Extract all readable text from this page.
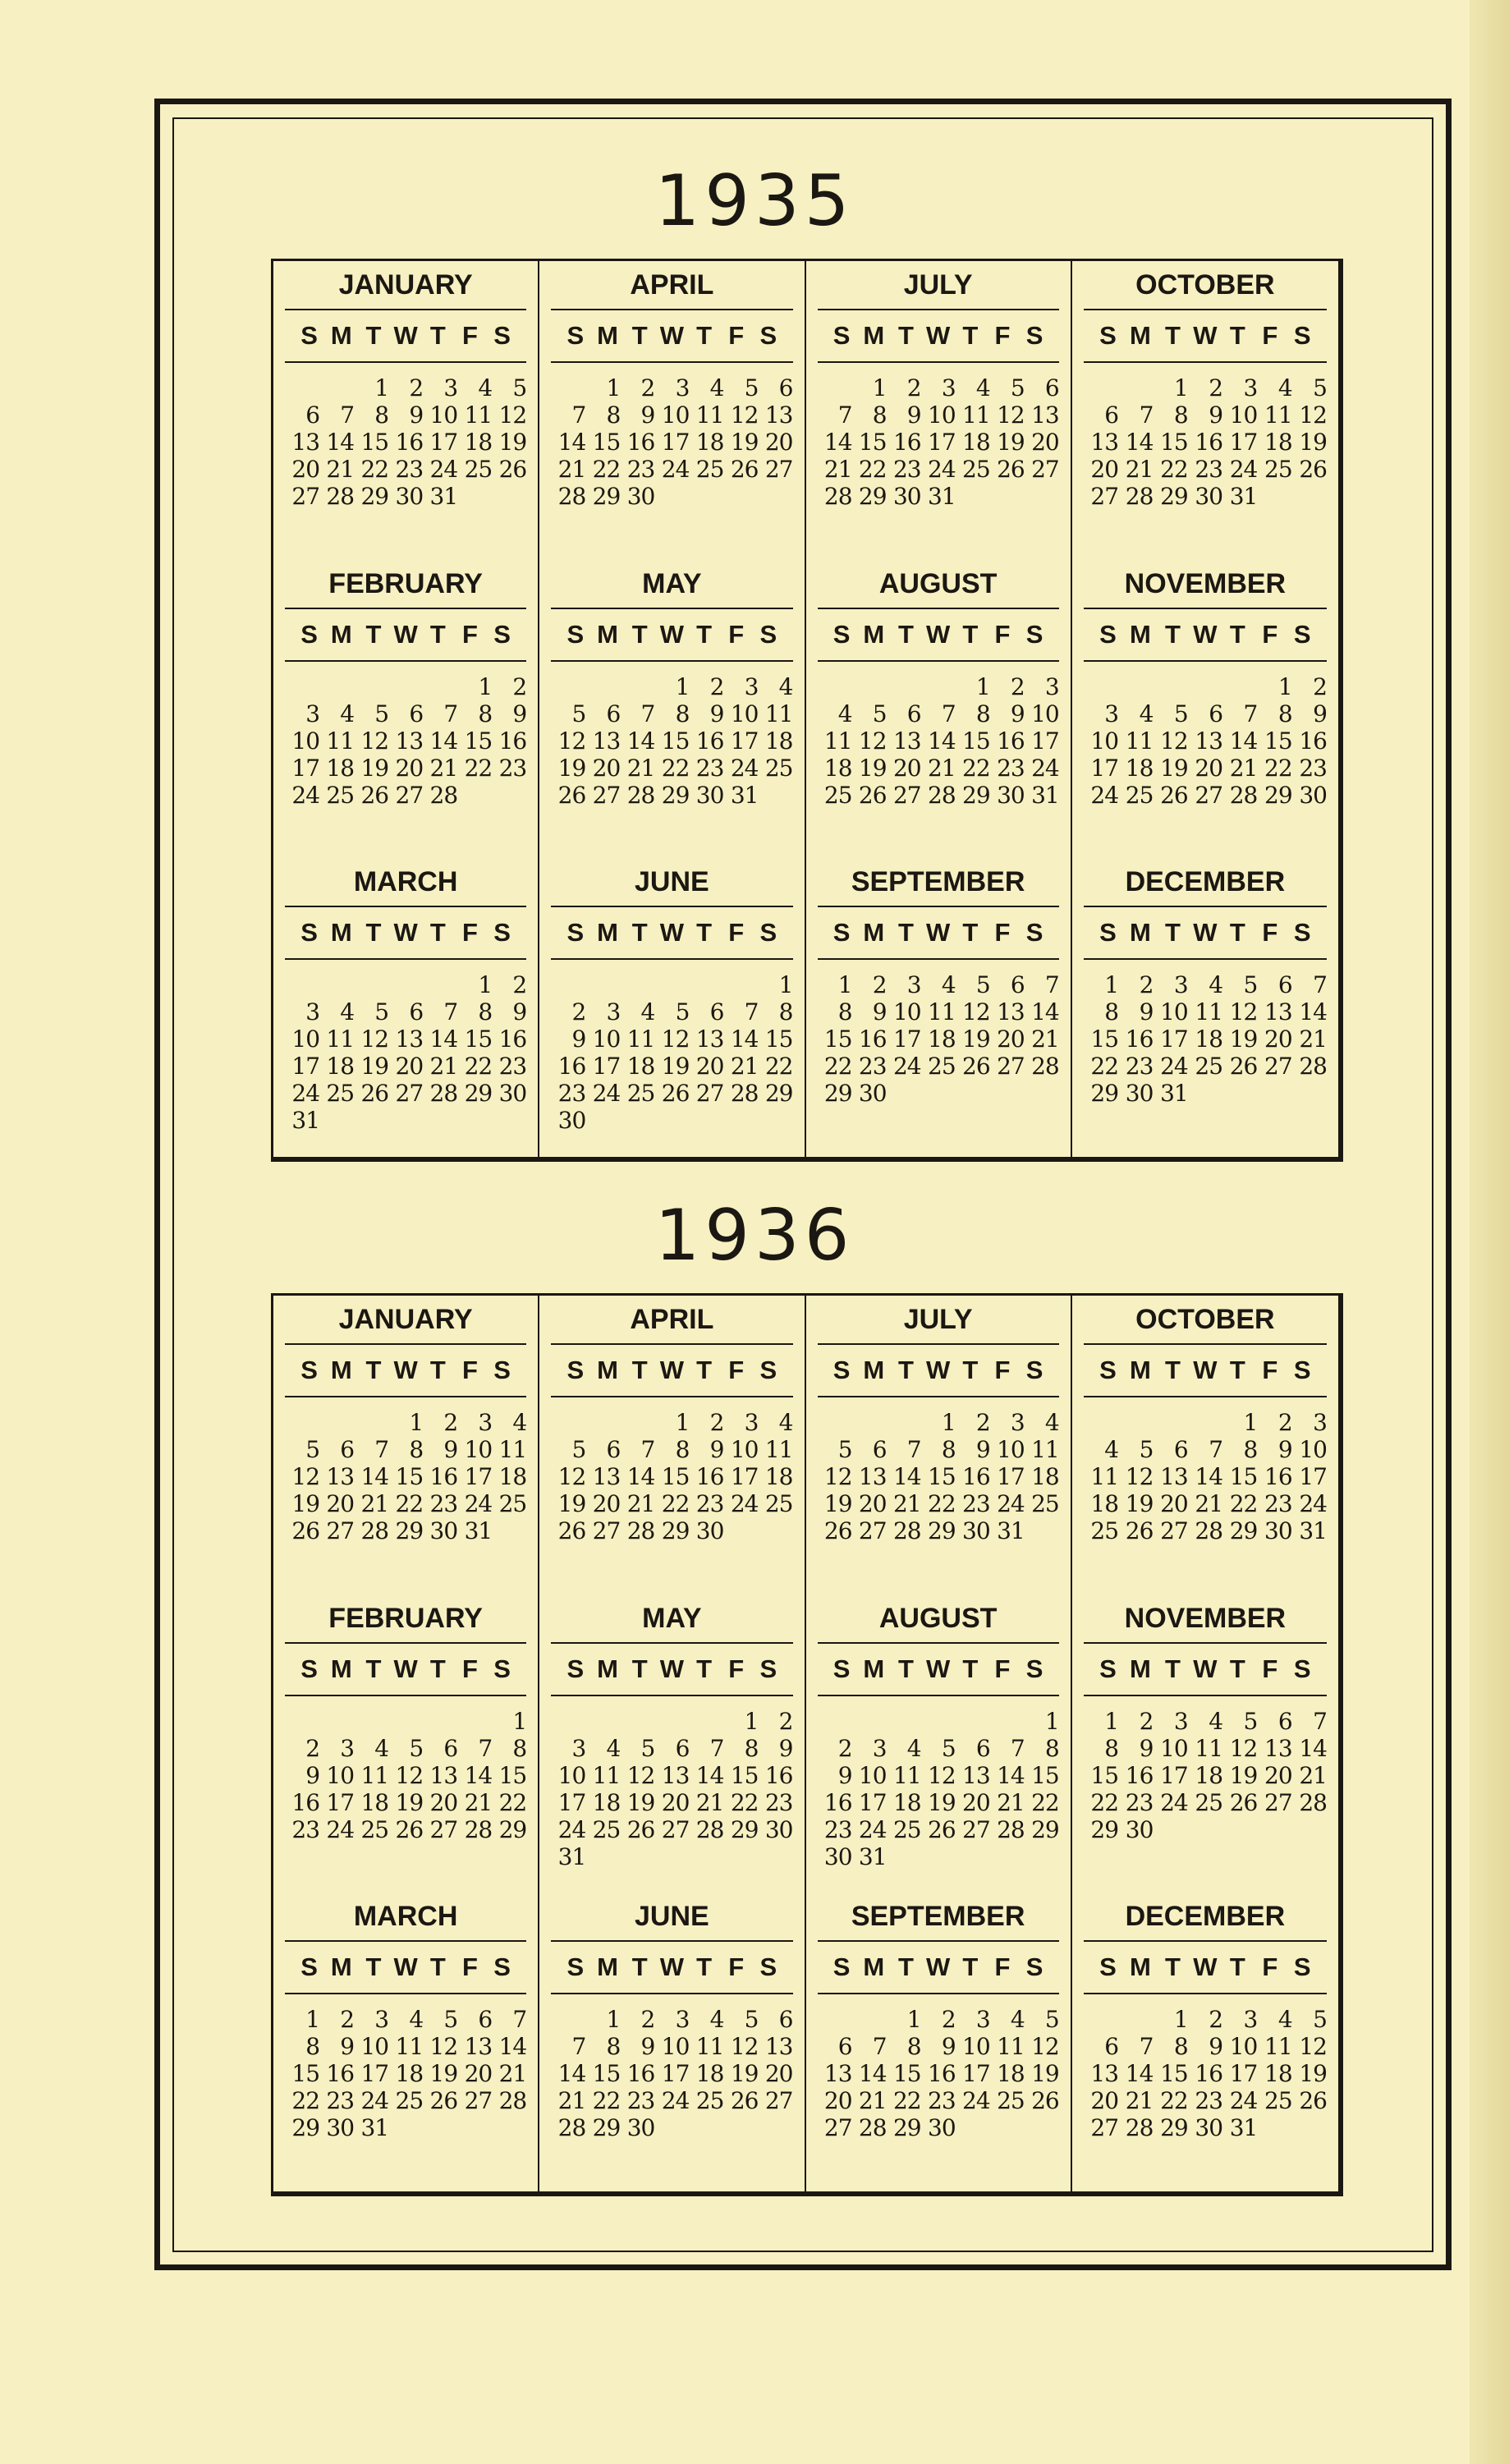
1935
JANUARY
S M T W T F S
1 2 3 4 5
6 7 8 9 10 11 12
13 14 15 16 17 18 19
20 21 22 23 24 25 26
27 28 29 30 31
APRIL
S M T W T F S
1 2 3 4 5 6
7 8 9 10 11 12 13
14 15 16 17 18 19 20
21 22 23 24 25 26 27
28 29 30
JULY
S M T W T F S
1 2 3 4 5 6
7 8 9 10 11 12 13
14 15 16 17 18 19 20
21 22 23 24 25 26 27
28 29 30 31
OCTOBER
S M T W T F S
1 2 3 4 5
6 7 8 9 10 11 12
13 14 15 16 17 18 19
20 21 22 23 24 25 26
27 28 29 30 31
FEBRUARY
S M T W T F S
1 2
3 4 5 6 7 8 9
10 11 12 13 14 15 16
17 18 19 20 21 22 23
24 25 26 27 28
MAY
S M T W T F S
1 2 3 4
5 6 7 8 9 10 11
12 13 14 15 16 17 18
19 20 21 22 23 24 25
26 27 28 29 30 31
AUGUST
S M T W T F S
1 2 3
4 5 6 7 8 9 10
11 12 13 14 15 16 17
18 19 20 21 22 23 24
25 26 27 28 29 30 31
NOVEMBER
S M T W T F S
1 2
3 4 5 6 7 8 9
10 11 12 13 14 15 16
17 18 19 20 21 22 23
24 25 26 27 28 29 30
MARCH
S M T W T F S
1 2
3 4 5 6 7 8 9
10 11 12 13 14 15 16
17 18 19 20 21 22 23
24 25 26 27 28 29 30
31
JUNE
S M T W T F S
1
2 3 4 5 6 7 8
9 10 11 12 13 14 15
16 17 18 19 20 21 22
23 24 25 26 27 28 29
30
SEPTEMBER
S M T W T F S
1 2 3 4 5 6 7
8 9 10 11 12 13 14
15 16 17 18 19 20 21
22 23 24 25 26 27 28
29 30
DECEMBER
S M T W T F S
1 2 3 4 5 6 7
8 9 10 11 12 13 14
15 16 17 18 19 20 21
22 23 24 25 26 27 28
29 30 31
1936
JANUARY
S M T W T F S
1 2 3 4
5 6 7 8 9 10 11
12 13 14 15 16 17 18
19 20 21 22 23 24 25
26 27 28 29 30 31
APRIL
S M T W T F S
1 2 3 4
5 6 7 8 9 10 11
12 13 14 15 16 17 18
19 20 21 22 23 24 25
26 27 28 29 30
JULY
S M T W T F S
1 2 3 4
5 6 7 8 9 10 11
12 13 14 15 16 17 18
19 20 21 22 23 24 25
26 27 28 29 30 31
OCTOBER
S M T W T F S
1 2 3
4 5 6 7 8 9 10
11 12 13 14 15 16 17
18 19 20 21 22 23 24
25 26 27 28 29 30 31
FEBRUARY
S M T W T F S
1
2 3 4 5 6 7 8
9 10 11 12 13 14 15
16 17 18 19 20 21 22
23 24 25 26 27 28 29
MAY
S M T W T F S
1 2
3 4 5 6 7 8 9
10 11 12 13 14 15 16
17 18 19 20 21 22 23
24 25 26 27 28 29 30
31
AUGUST
S M T W T F S
1
2 3 4 5 6 7 8
9 10 11 12 13 14 15
16 17 18 19 20 21 22
23 24 25 26 27 28 29
30 31
NOVEMBER
S M T W T F S
1 2 3 4 5 6 7
8 9 10 11 12 13 14
15 16 17 18 19 20 21
22 23 24 25 26 27 28
29 30
MARCH
S M T W T F S
1 2 3 4 5 6 7
8 9 10 11 12 13 14
15 16 17 18 19 20 21
22 23 24 25 26 27 28
29 30 31
JUNE
S M T W T F S
1 2 3 4 5 6
7 8 9 10 11 12 13
14 15 16 17 18 19 20
21 22 23 24 25 26 27
28 29 30
SEPTEMBER
S M T W T F S
1 2 3 4 5
6 7 8 9 10 11 12
13 14 15 16 17 18 19
20 21 22 23 24 25 26
27 28 29 30
DECEMBER
S M T W T F S
1 2 3 4 5
6 7 8 9 10 11 12
13 14 15 16 17 18 19
20 21 22 23 24 25 26
27 28 29 30 31
